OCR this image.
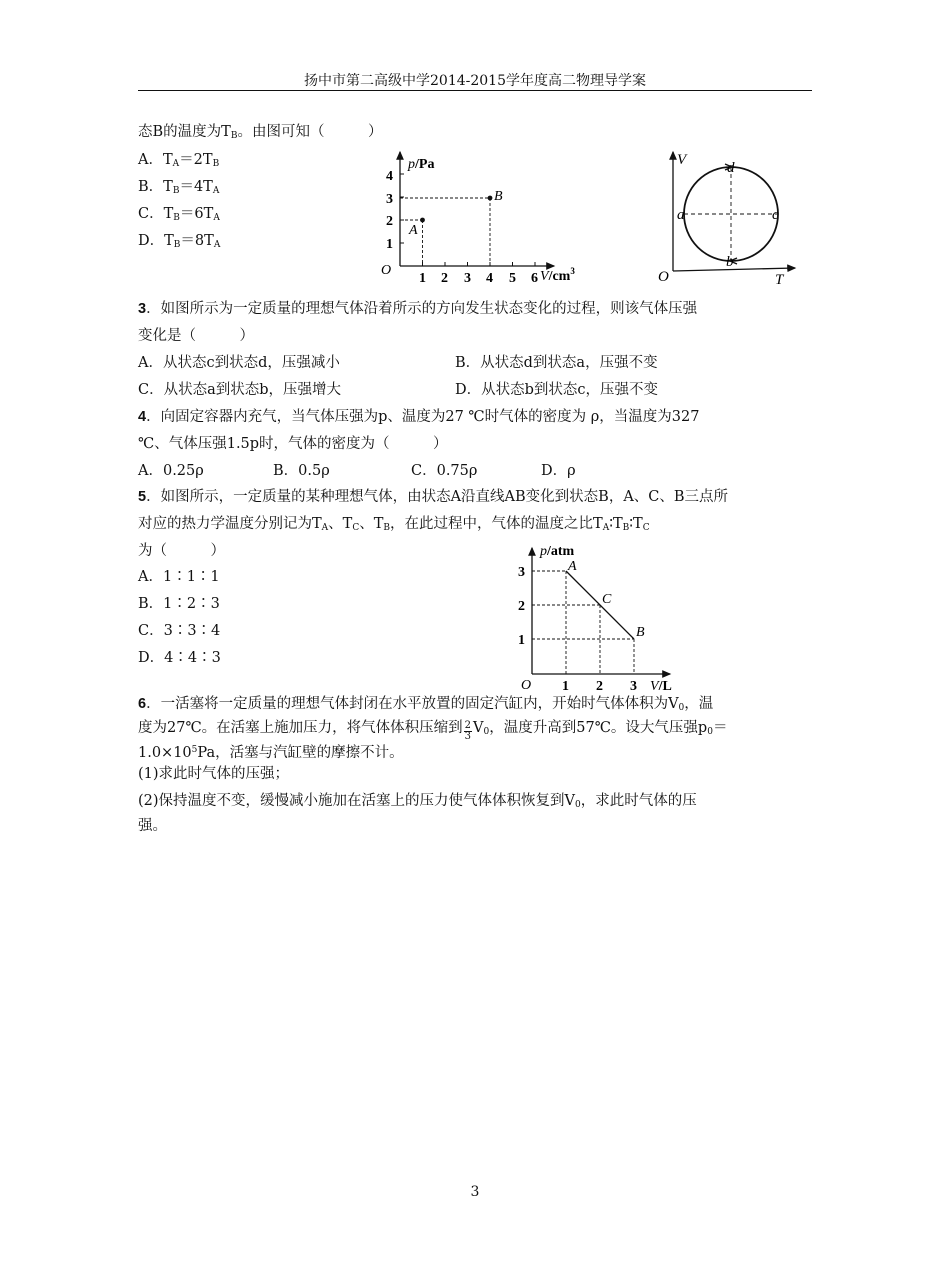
扬中市第二高级中学2014-2015学年度高二物理导学案
态B的温度为$T_B$。由图可知（　　　）
A．$T_A=2T_B$
B．$T_B=4T_A$
C．$T_B=6T_A$
D．$T_B=8T_A$
A
B
O
p/Pa
$V/cm^3$
1 2 3 4 5 6
1
2
3
4
V
T
O
a
b
c
d
3．如图所示为一定质量的理想气体沿着所示的方向发生状态变化的过程，则该气体压强
变化是（　　　）
A．从状态c到状态d，压强减小	B．从状态d到状态a，压强不变
C．从状态a到状态b，压强增大	D．从状态b到状态c，压强不变
4．向固定容器内充气，当气体压强为p、温度为27 ℃时气体的密度为 ρ，当温度为327
℃、气体压强1.5p时，气体的密度为（　　　）
A．0.25ρ	B．0.5ρ	C．0.75ρ	D．ρ
5．如图所示，一定质量的某种理想气体，由状态A沿直线AB变化到状态B，A、C、B三点所
对应的热力学温度分别记为$T_A$、$T_C$、$T_B$，在此过程中，气体的温度之比$T_A∶T_B∶T_C$
为（　　　）
A．1∶1∶1
B．1∶2∶3
C．3∶3∶4
D．4∶4∶3
A
C
B
p/atm
V/L
O 1 2 3
1
2
3
6．一活塞将一定质量的理想气体封闭在水平放置的固定汽缸内，开始时气体体积为$V_0$，温
度为27℃。在活塞上施加压力，将气体体积压缩到 $\frac{2}{3} V_0$，温度升高到57℃。设大气压强$p_0=$
$1.0\times 10^5Pa$，活塞与汽缸壁的摩擦不计。
(1)求此时气体的压强；
(2)保持温度不变，缓慢减小施加在活塞上的压力使气体体积恢复到$V_0$，求此时气体的压
强。
3
